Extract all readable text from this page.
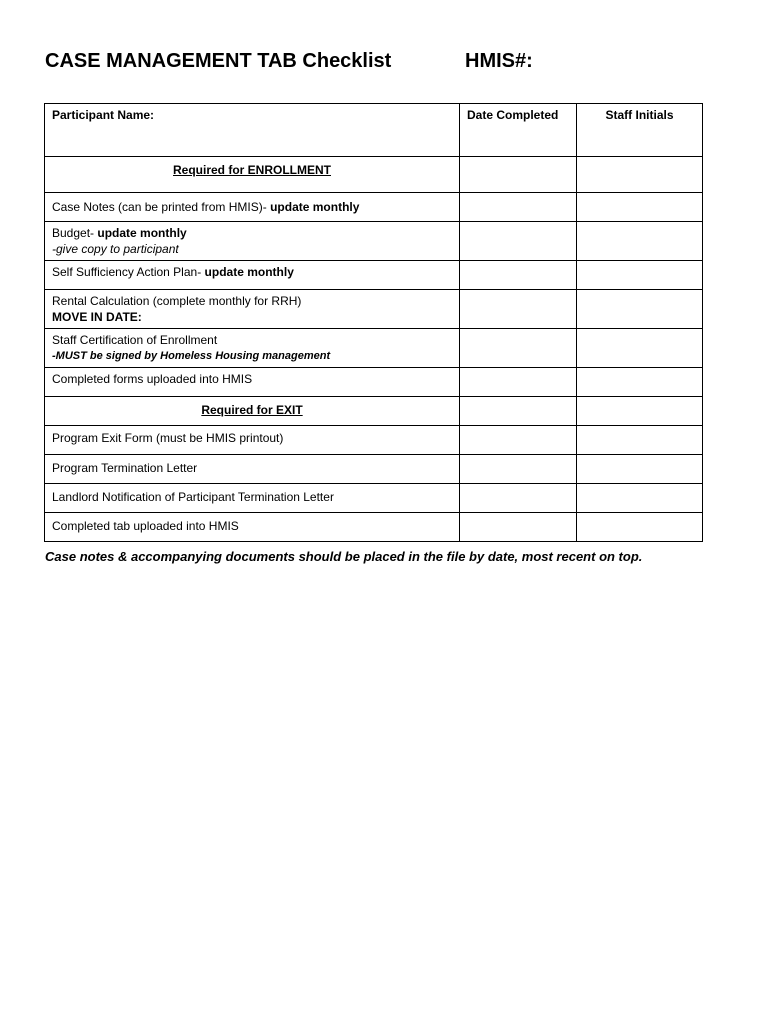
CASE MANAGEMENT TAB Checklist	HMIS#:
Participant Name:	Date Completed	Staff Initials
Required for ENROLLMENT		
Case Notes (can be printed from HMIS)- update monthly		

Budget- update monthly
-give copy to participant		

Self Sufficiency Action Plan- update monthly		

Rental Calculation (complete monthly for RRH)
MOVE IN DATE:		

Staff Certification of Enrollment
-MUST be signed by Homeless Housing management		

Completed forms uploaded into HMIS		
Required for EXIT		
Program Exit Form (must be HMIS printout)		
Program Termination Letter		
Landlord Notification of Participant Termination Letter		
Completed tab uploaded into HMIS		
Case notes & accompanying documents should be placed in the file by date, most recent on top.
